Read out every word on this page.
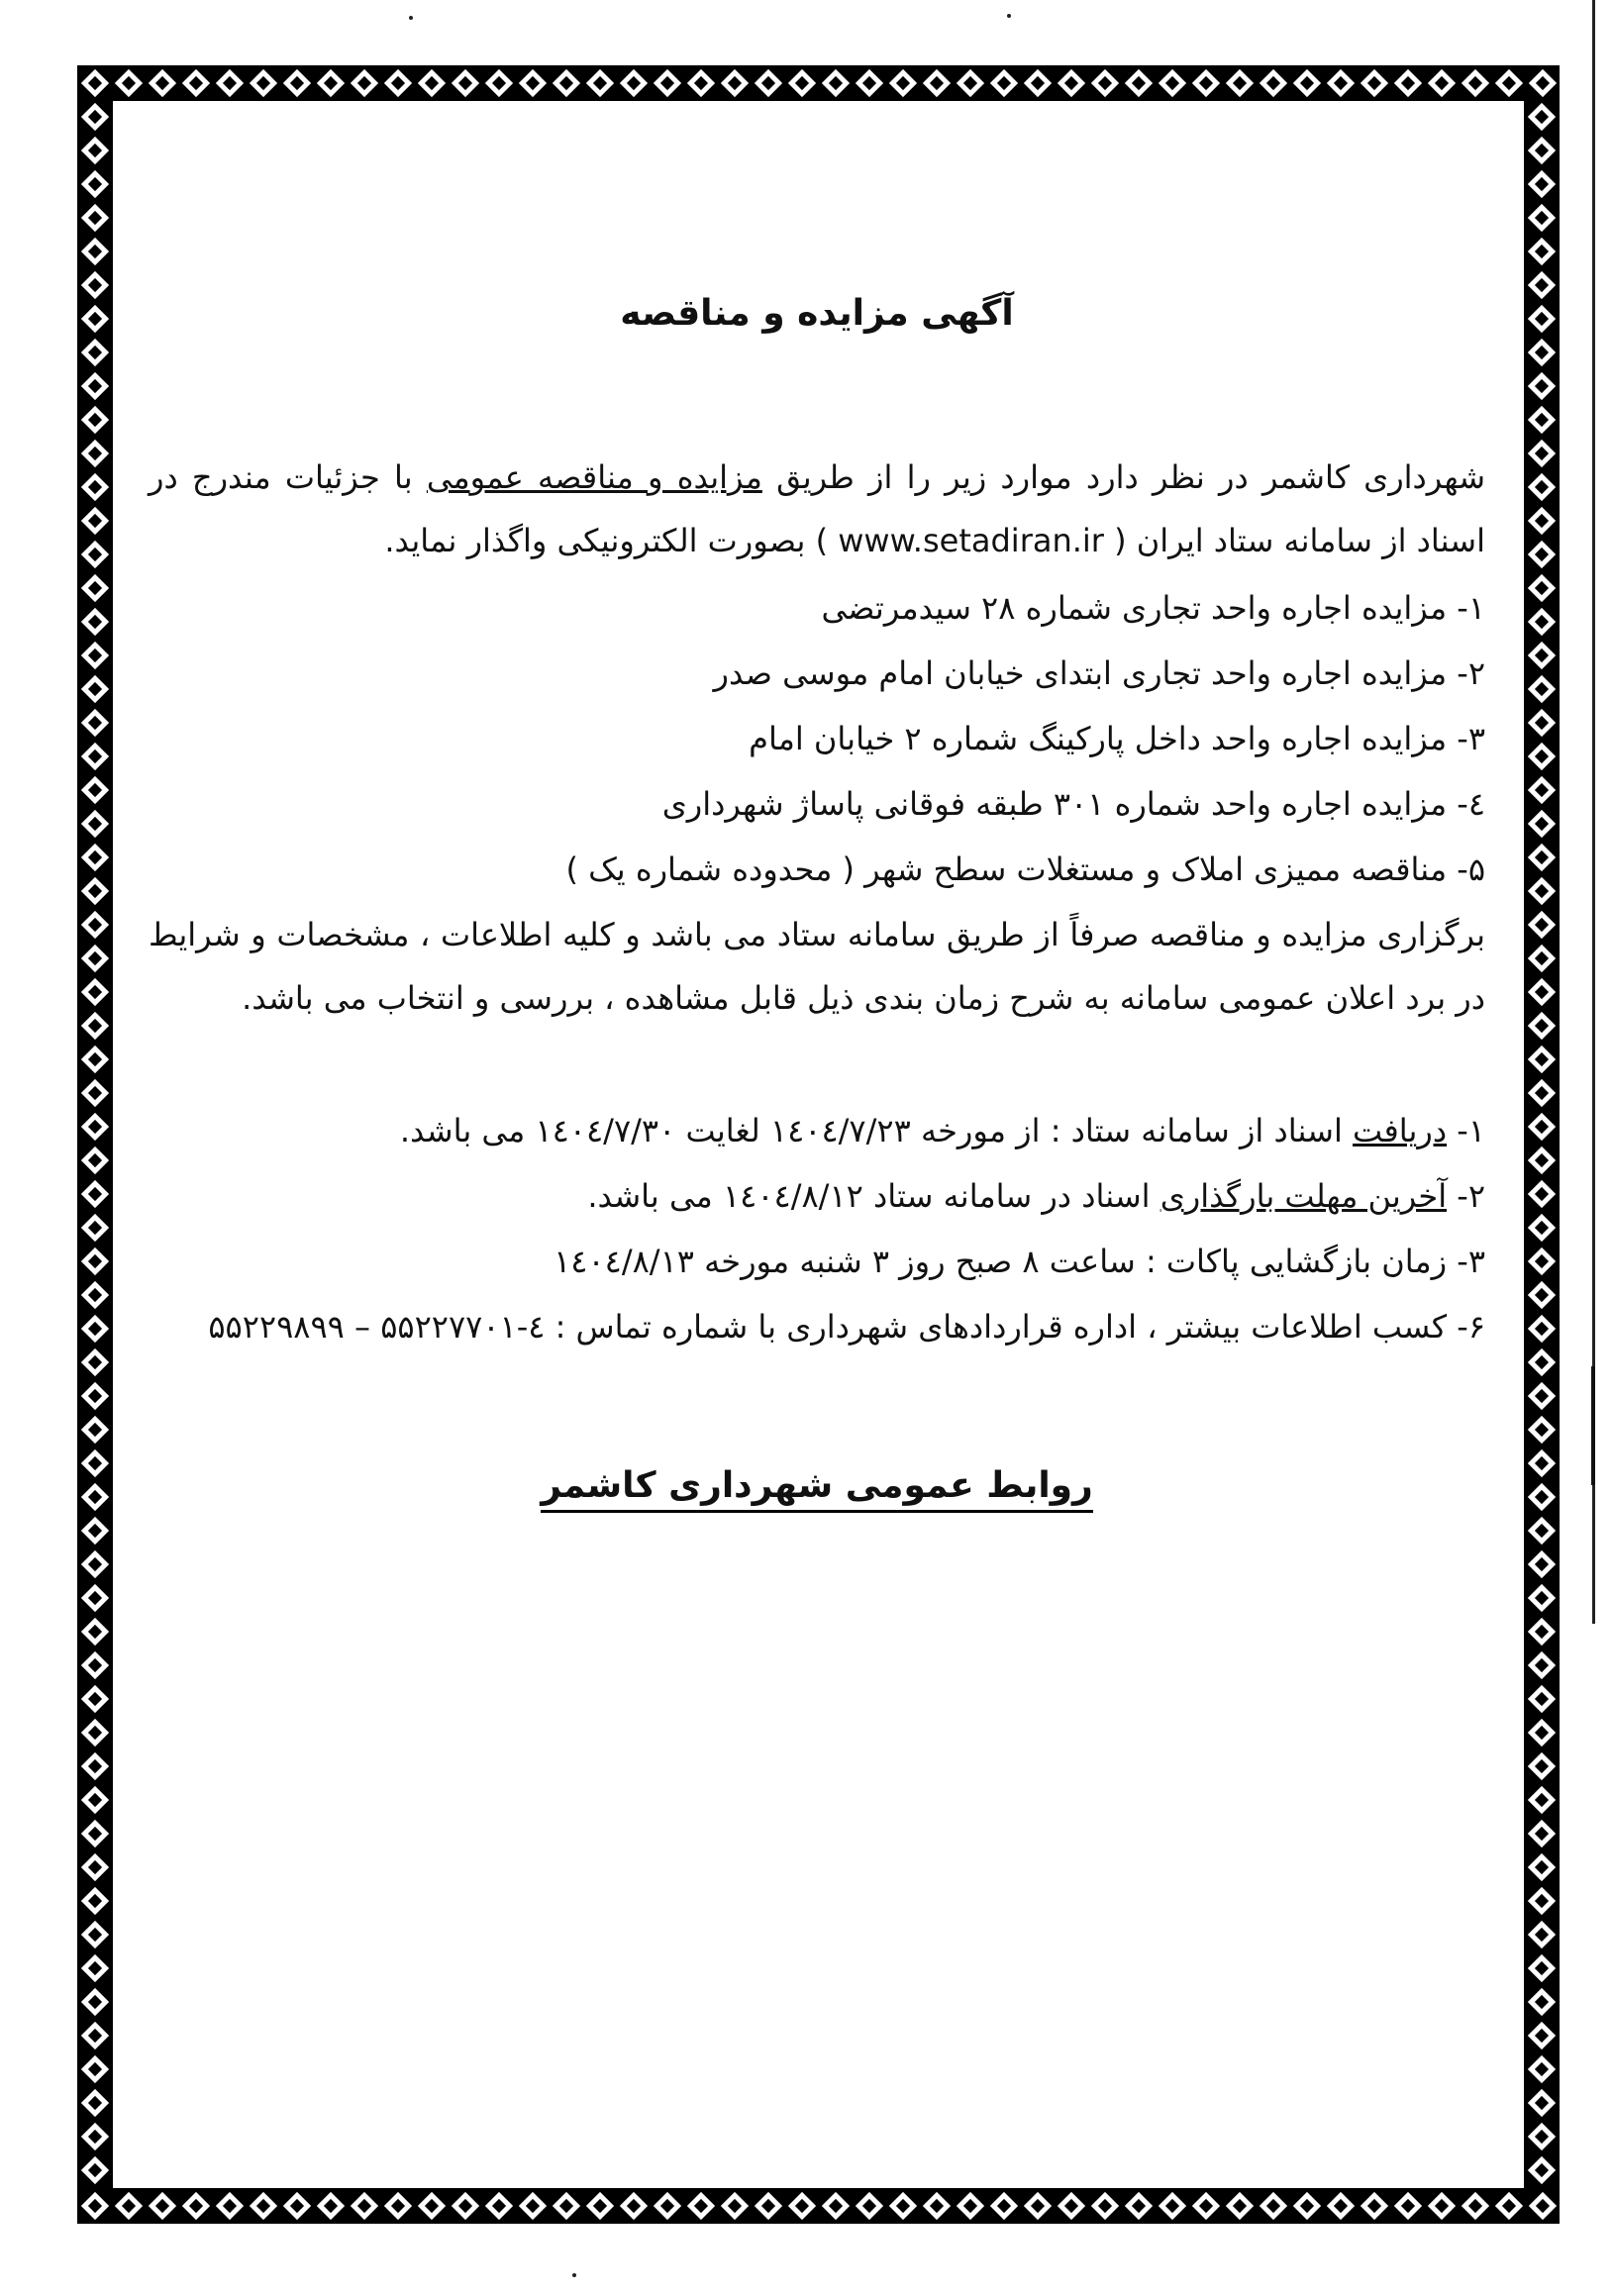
آگهی مزایده و مناقصه
شهرداری کاشمر در نظر دارد موارد زیر را از طریق مزایده و مناقصه عمومی با جزئیات مندرج در اسناد از سامانه ستاد ایران ( www.setadiran.ir ) بصورت الکترونیکی واگذار نماید.
۱- مزایده اجاره واحد تجاری شماره ۲۸ سیدمرتضی
۲- مزایده اجاره واحد تجاری ابتدای خیابان امام موسی صدر
۳- مزایده اجاره واحد داخل پارکینگ شماره ۲ خیابان امام
٤- مزایده اجاره واحد شماره ۳۰۱ طبقه فوقانی پاساژ شهرداری
۵- مناقصه ممیزی املاک و مستغلات سطح شهر ( محدوده شماره یک )
برگزاری مزایده و مناقصه صرفاً از طریق سامانه ستاد می باشد و کلیه اطلاعات ، مشخصات و شرایط در برد اعلان عمومی سامانه به شرح زمان بندی ذیل قابل مشاهده ، بررسی و انتخاب می باشد.
۱- دریافت اسناد از سامانه ستاد : از مورخه ۱٤۰٤/۷/۲۳ لغایت ۱٤۰٤/۷/۳۰ می باشد.
۲- آخرین مهلت بارگذاری اسناد در سامانه ستاد ۱٤۰٤/۸/۱۲ می باشد.
۳- زمان بازگشایی پاکات : ساعت ۸ صبح روز ۳ شنبه مورخه ۱٤۰٤/۸/۱۳
۶- کسب اطلاعات بیشتر ، اداره قراردادهای شهرداری با شماره تماس : ٤-۵۵۲۲۷۷۰۱ – ۵۵۲۲۹۸۹۹
روابط عمومی شهرداری کاشمر
